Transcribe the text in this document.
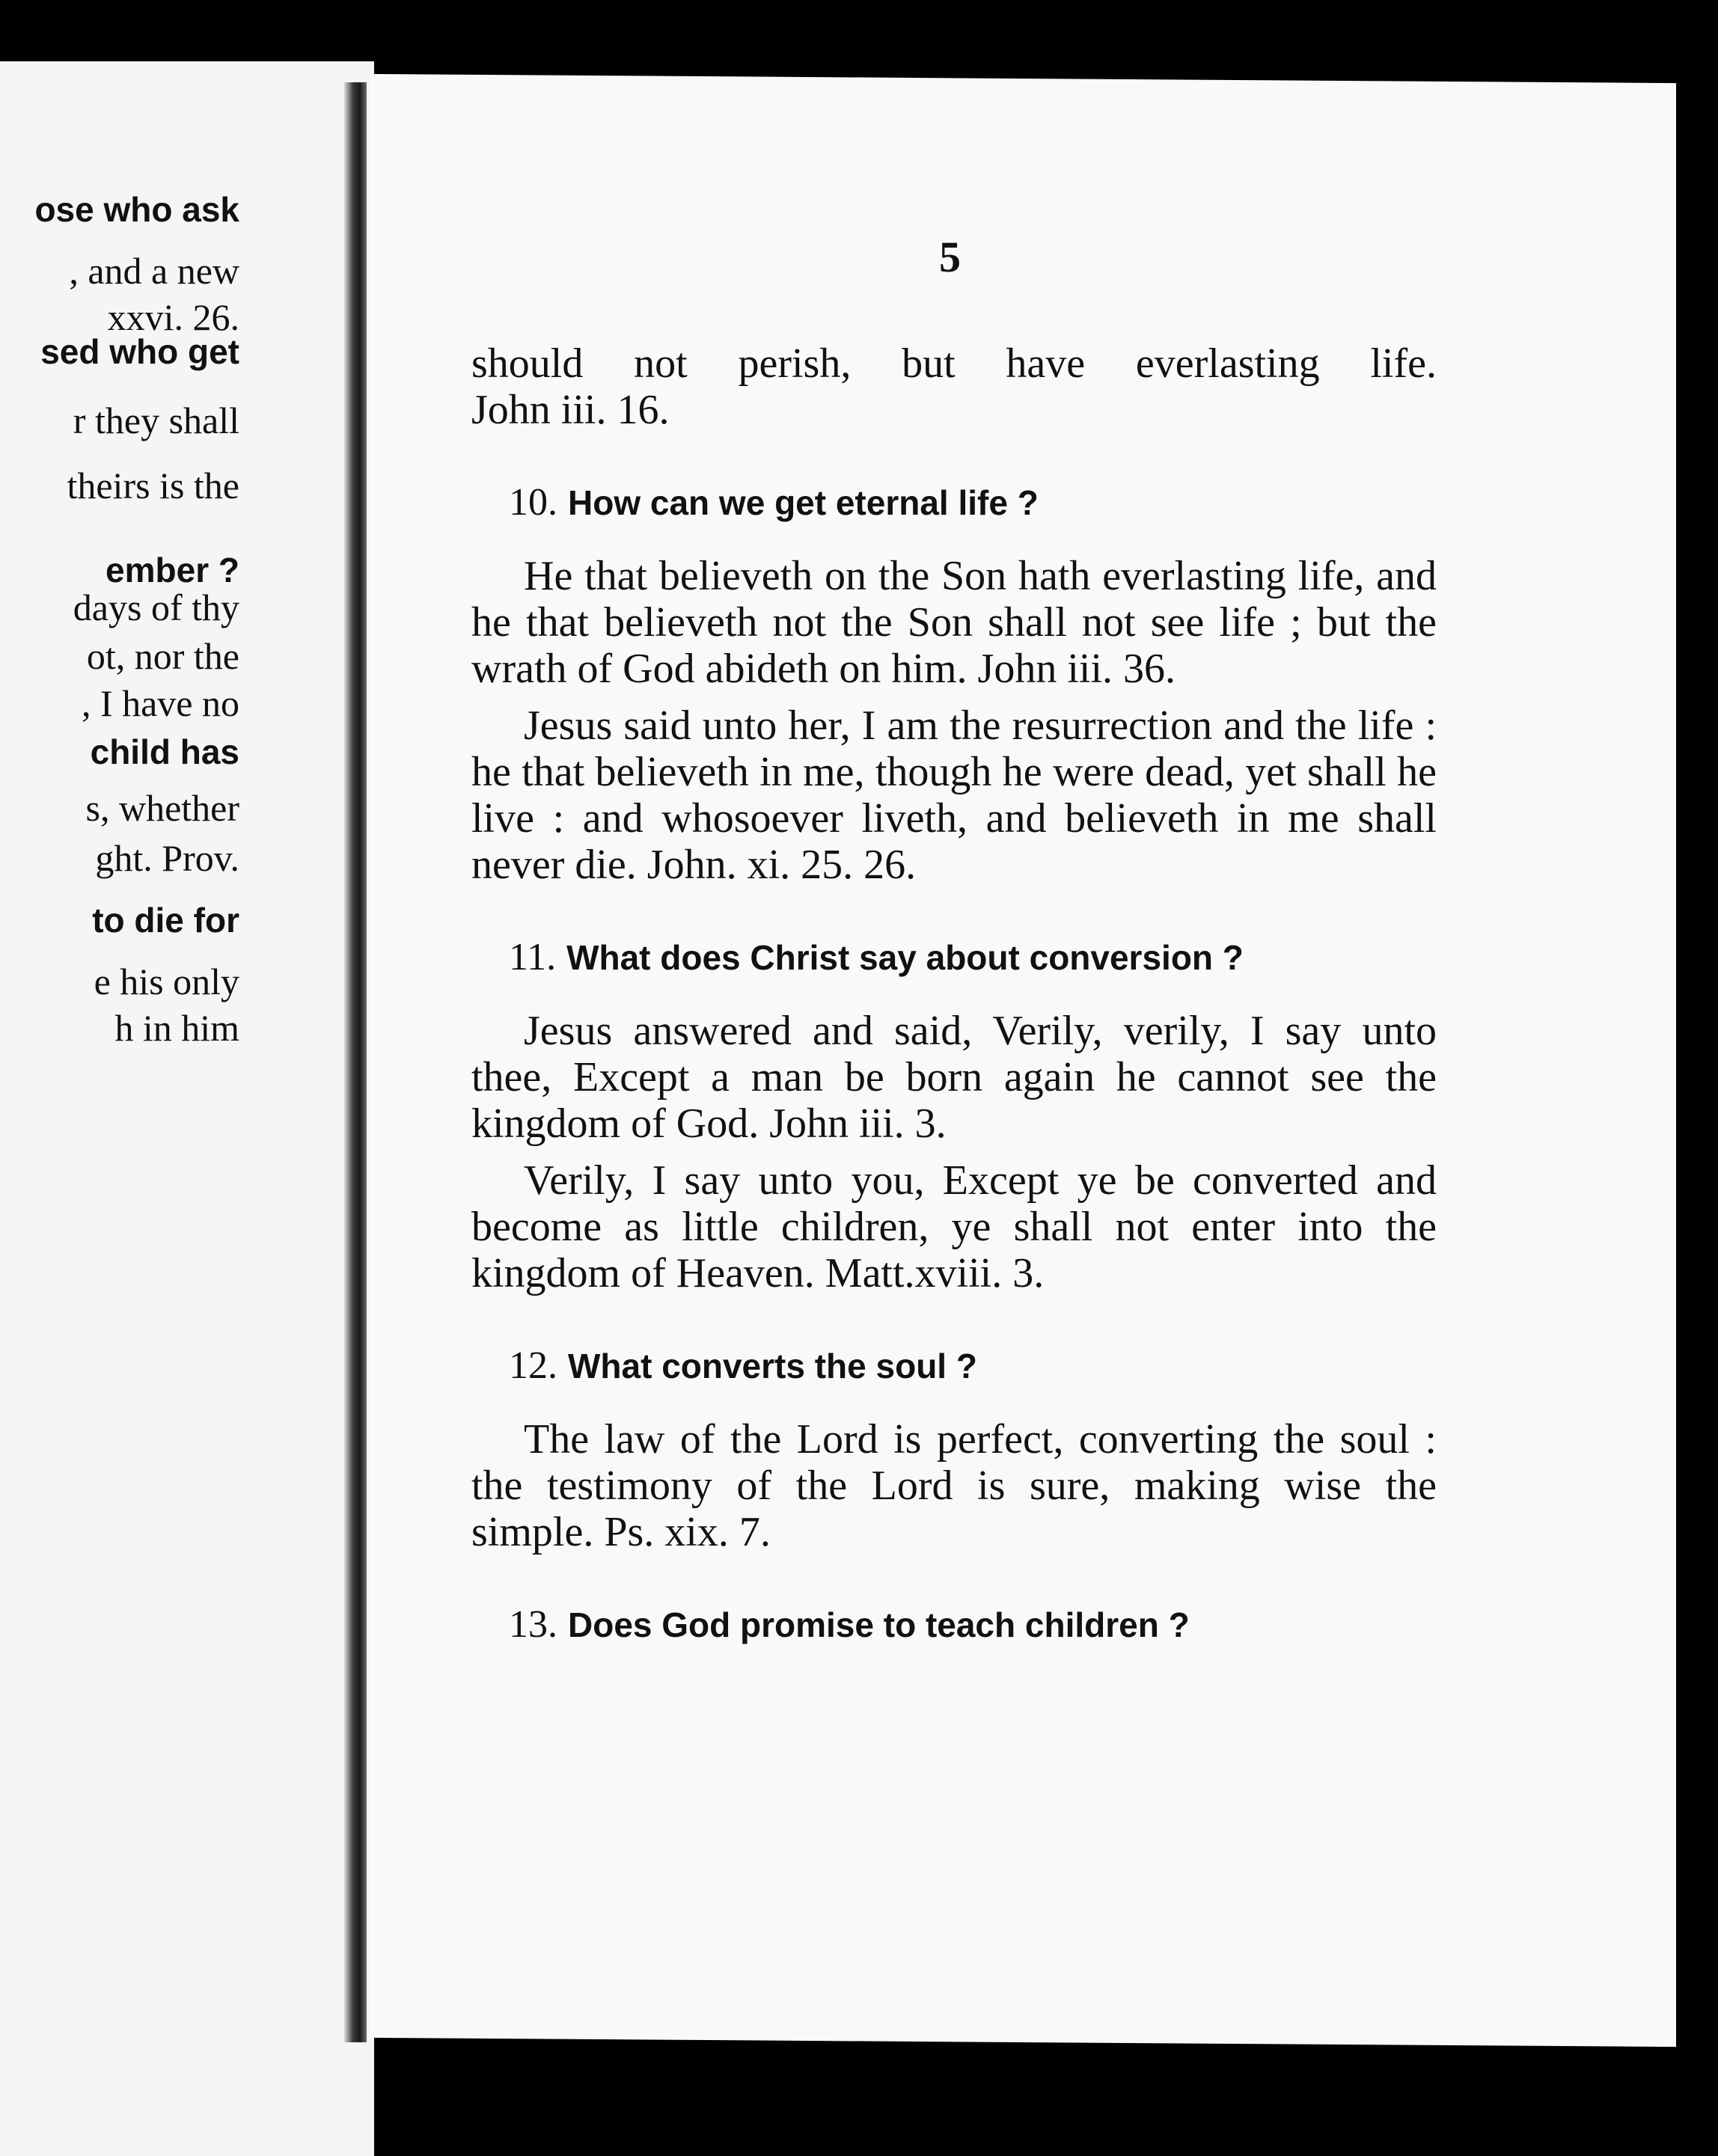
ose who ask

, and a new

xxvi. 26.

sed who get

r they shall

theirs is the

ember ?

days of thy

ot, nor the

, I have no

child has

s, whether

ght. Prov.

to die for

e his only

h in him

5

should not perish, but have everlasting life.

John iii. 16.

10. How can we get eternal life ?

He that believeth on the Son hath everlasting life, and he that believeth not the Son shall not see life ; but the wrath of God abideth on him. John iii. 36.

Jesus said unto her, I am the resurrection and the life : he that believeth in me, though he were dead, yet shall he live : and whosoever liveth, and believeth in me shall never die. John. xi. 25. 26.

11. What does Christ say about conversion ?

Jesus answered and said, Verily, verily, I say unto thee, Except a man be born again he cannot see the kingdom of God. John iii. 3.

Verily, I say unto you, Except ye be converted and become as little children, ye shall not enter into the kingdom of Heaven. Matt.xviii. 3.

12. What converts the soul ?

The law of the Lord is perfect, converting the soul : the testimony of the Lord is sure, making wise the simple. Ps. xix. 7.

13. Does God promise to teach children ?
